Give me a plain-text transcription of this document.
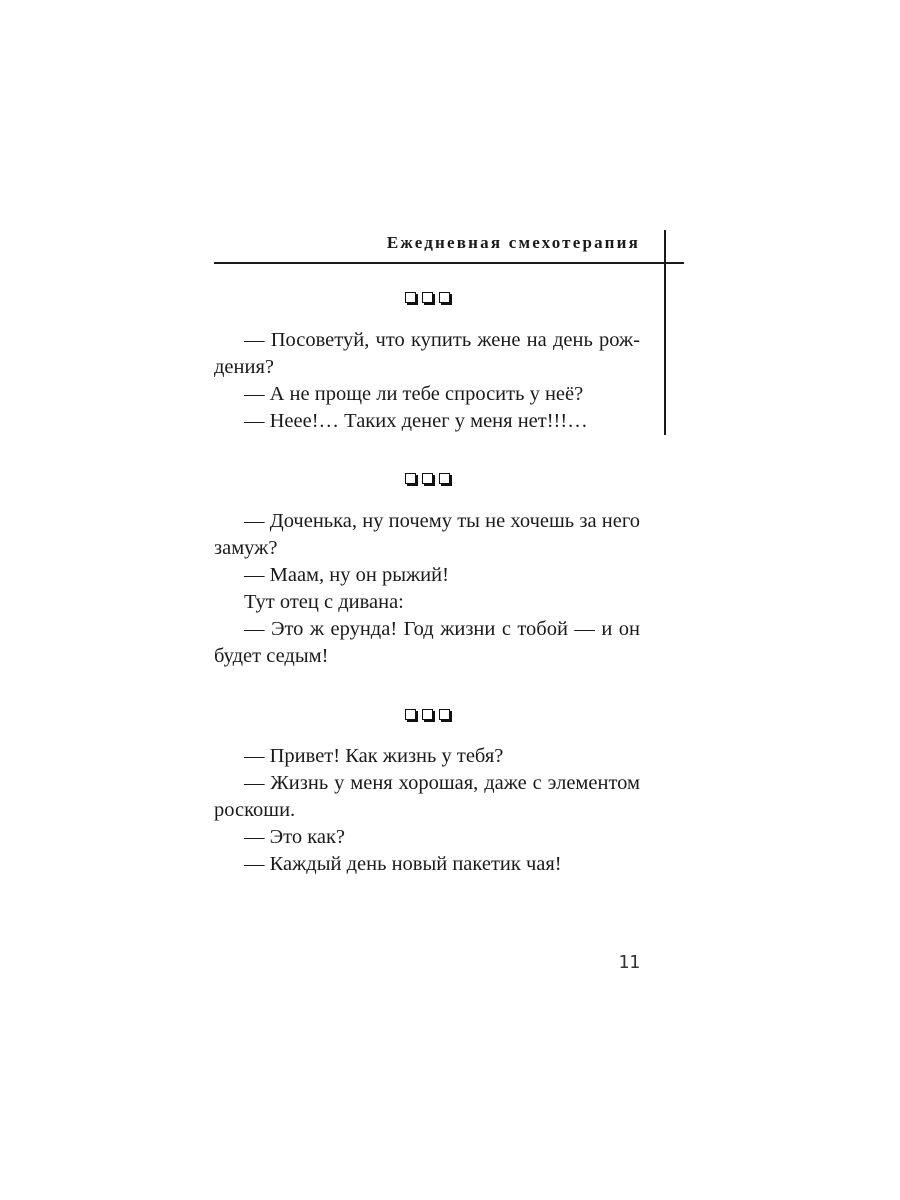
Ежедневная смехотерапия

— Посоветуй, что купить жене на день рождения?

— А не проще ли тебе спросить у неё?

— Неее!… Таких денег у меня нет!!!…

— Доченька, ну почему ты не хочешь за него замуж?

— Маам, ну он рыжий!

Тут отец с дивана:

— Это ж ерунда! Год жизни с тобой — и он будет седым!

— Привет! Как жизнь у тебя?

— Жизнь у меня хорошая, даже с элементом роскоши.

— Это как?

— Каждый день новый пакетик чая!

11
